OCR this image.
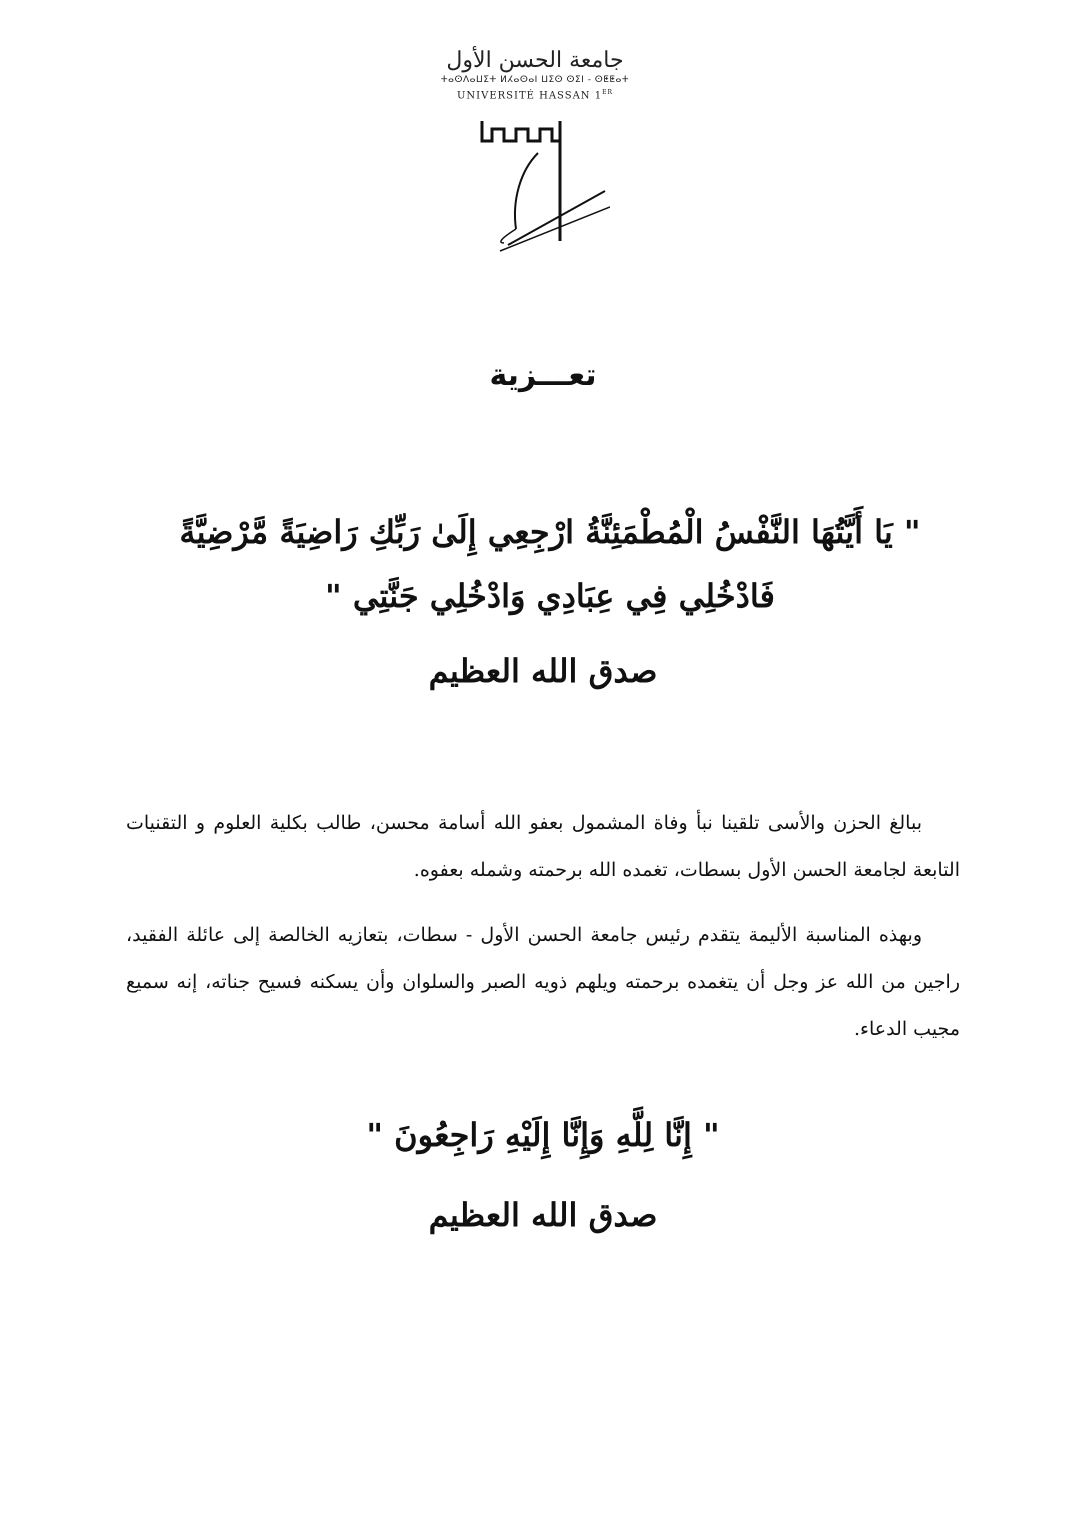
جامعة الحسن الأول
ⵜⴰⵙⴷⴰⵡⵉⵜ ⵍⵃⴰⵙⴰⵏ ⵡⵉⵙ ⵙⵉⵏ - ⵙⵟⵟⴰⵜ
UNIVERSITÉ HASSAN 1ER
تعـــزية
" يَا أَيَّتُهَا النَّفْسُ الْمُطْمَئِنَّةُ ارْجِعِي إِلَىٰ رَبِّكِ رَاضِيَةً مَّرْضِيَّةً فَادْخُلِي فِي عِبَادِي وَادْخُلِي جَنَّتِي "
صدق الله العظيم

ببالغ الحزن والأسى تلقينا نبأ وفاة المشمول بعفو الله أسامة محسن، طالب بكلية العلوم و التقنيات التابعة لجامعة الحسن الأول بسطات، تغمده الله برحمته وشمله بعفوه.

وبهذه المناسبة الأليمة يتقدم رئيس جامعة الحسن الأول - سطات، بتعازيه الخالصة إلى عائلة الفقيد، راجين من الله عز وجل أن يتغمده برحمته ويلهم ذويه الصبر والسلوان وأن يسكنه فسيح جناته، إنه سميع مجيب الدعاء.

" إِنَّا لِلَّهِ وَإِنَّا إِلَيْهِ رَاجِعُونَ "
صدق الله العظيم
